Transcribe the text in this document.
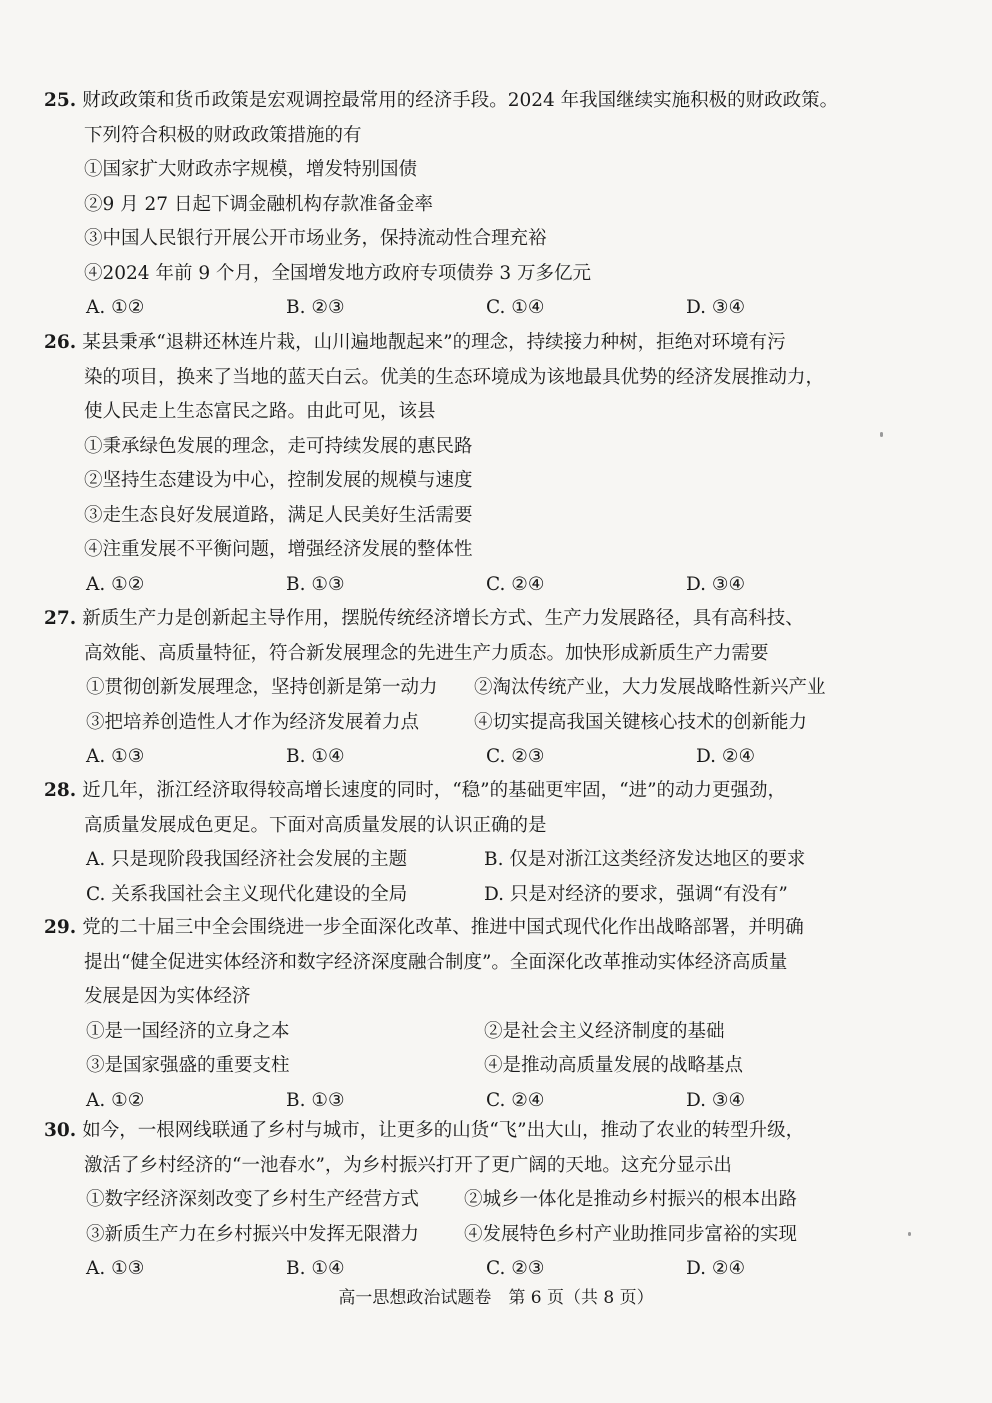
25. 财政政策和货币政策是宏观调控最常用的经济手段。2024 年我国继续实施积极的财政政策。
下列符合积极的财政政策措施的有
①国家扩大财政赤字规模，增发特别国债
②9 月 27 日起下调金融机构存款准备金率
③中国人民银行开展公开市场业务，保持流动性合理充裕
④2024 年前 9 个月，全国增发地方政府专项债券 3 万多亿元
A. ①②	B. ②③	C. ①④	D. ③④
26. 某县秉承“退耕还林连片栽，山川遍地靓起来”的理念，持续接力种树，拒绝对环境有污
染的项目，换来了当地的蓝天白云。优美的生态环境成为该地最具优势的经济发展推动力，
使人民走上生态富民之路。由此可见，该县
①秉承绿色发展的理念，走可持续发展的惠民路
②坚持生态建设为中心，控制发展的规模与速度
③走生态良好发展道路，满足人民美好生活需要
④注重发展不平衡问题，增强经济发展的整体性
A. ①②	B. ①③	C. ②④	D. ③④
27. 新质生产力是创新起主导作用，摆脱传统经济增长方式、生产力发展路径，具有高科技、
高效能、高质量特征，符合新发展理念的先进生产力质态。加快形成新质生产力需要
①贯彻创新发展理念，坚持创新是第一动力 ②淘汰传统产业，大力发展战略性新兴产业
③把培养创造性人才作为经济发展着力点	④切实提高我国关键核心技术的创新能力
A. ①③	B. ①④	C. ②③	D. ②④
28. 近几年，浙江经济取得较高增长速度的同时，“稳”的基础更牢固，“进”的动力更强劲，
高质量发展成色更足。下面对高质量发展的认识正确的是
A. 只是现阶段我国经济社会发展的主题	B. 仅是对浙江这类经济发达地区的要求
C. 关系我国社会主义现代化建设的全局	D. 只是对经济的要求，强调“有没有”
29. 党的二十届三中全会围绕进一步全面深化改革、推进中国式现代化作出战略部署，并明确
提出“健全促进实体经济和数字经济深度融合制度”。全面深化改革推动实体经济高质量
发展是因为实体经济
①是一国经济的立身之本	②是社会主义经济制度的基础
③是国家强盛的重要支柱	④是推动高质量发展的战略基点
A. ①②	B. ①③	C. ②④	D. ③④
30. 如今，一根网线联通了乡村与城市，让更多的山货“飞”出大山，推动了农业的转型升级，
激活了乡村经济的“一池春水”，为乡村振兴打开了更广阔的天地。这充分显示出
①数字经济深刻改变了乡村生产经营方式 ②城乡一体化是推动乡村振兴的根本出路
③新质生产力在乡村振兴中发挥无限潜力 ④发展特色乡村产业助推同步富裕的实现
A. ①③	B. ①④	C. ②③	D. ②④
高一思想政治试题卷　第 6 页（共 8 页）
